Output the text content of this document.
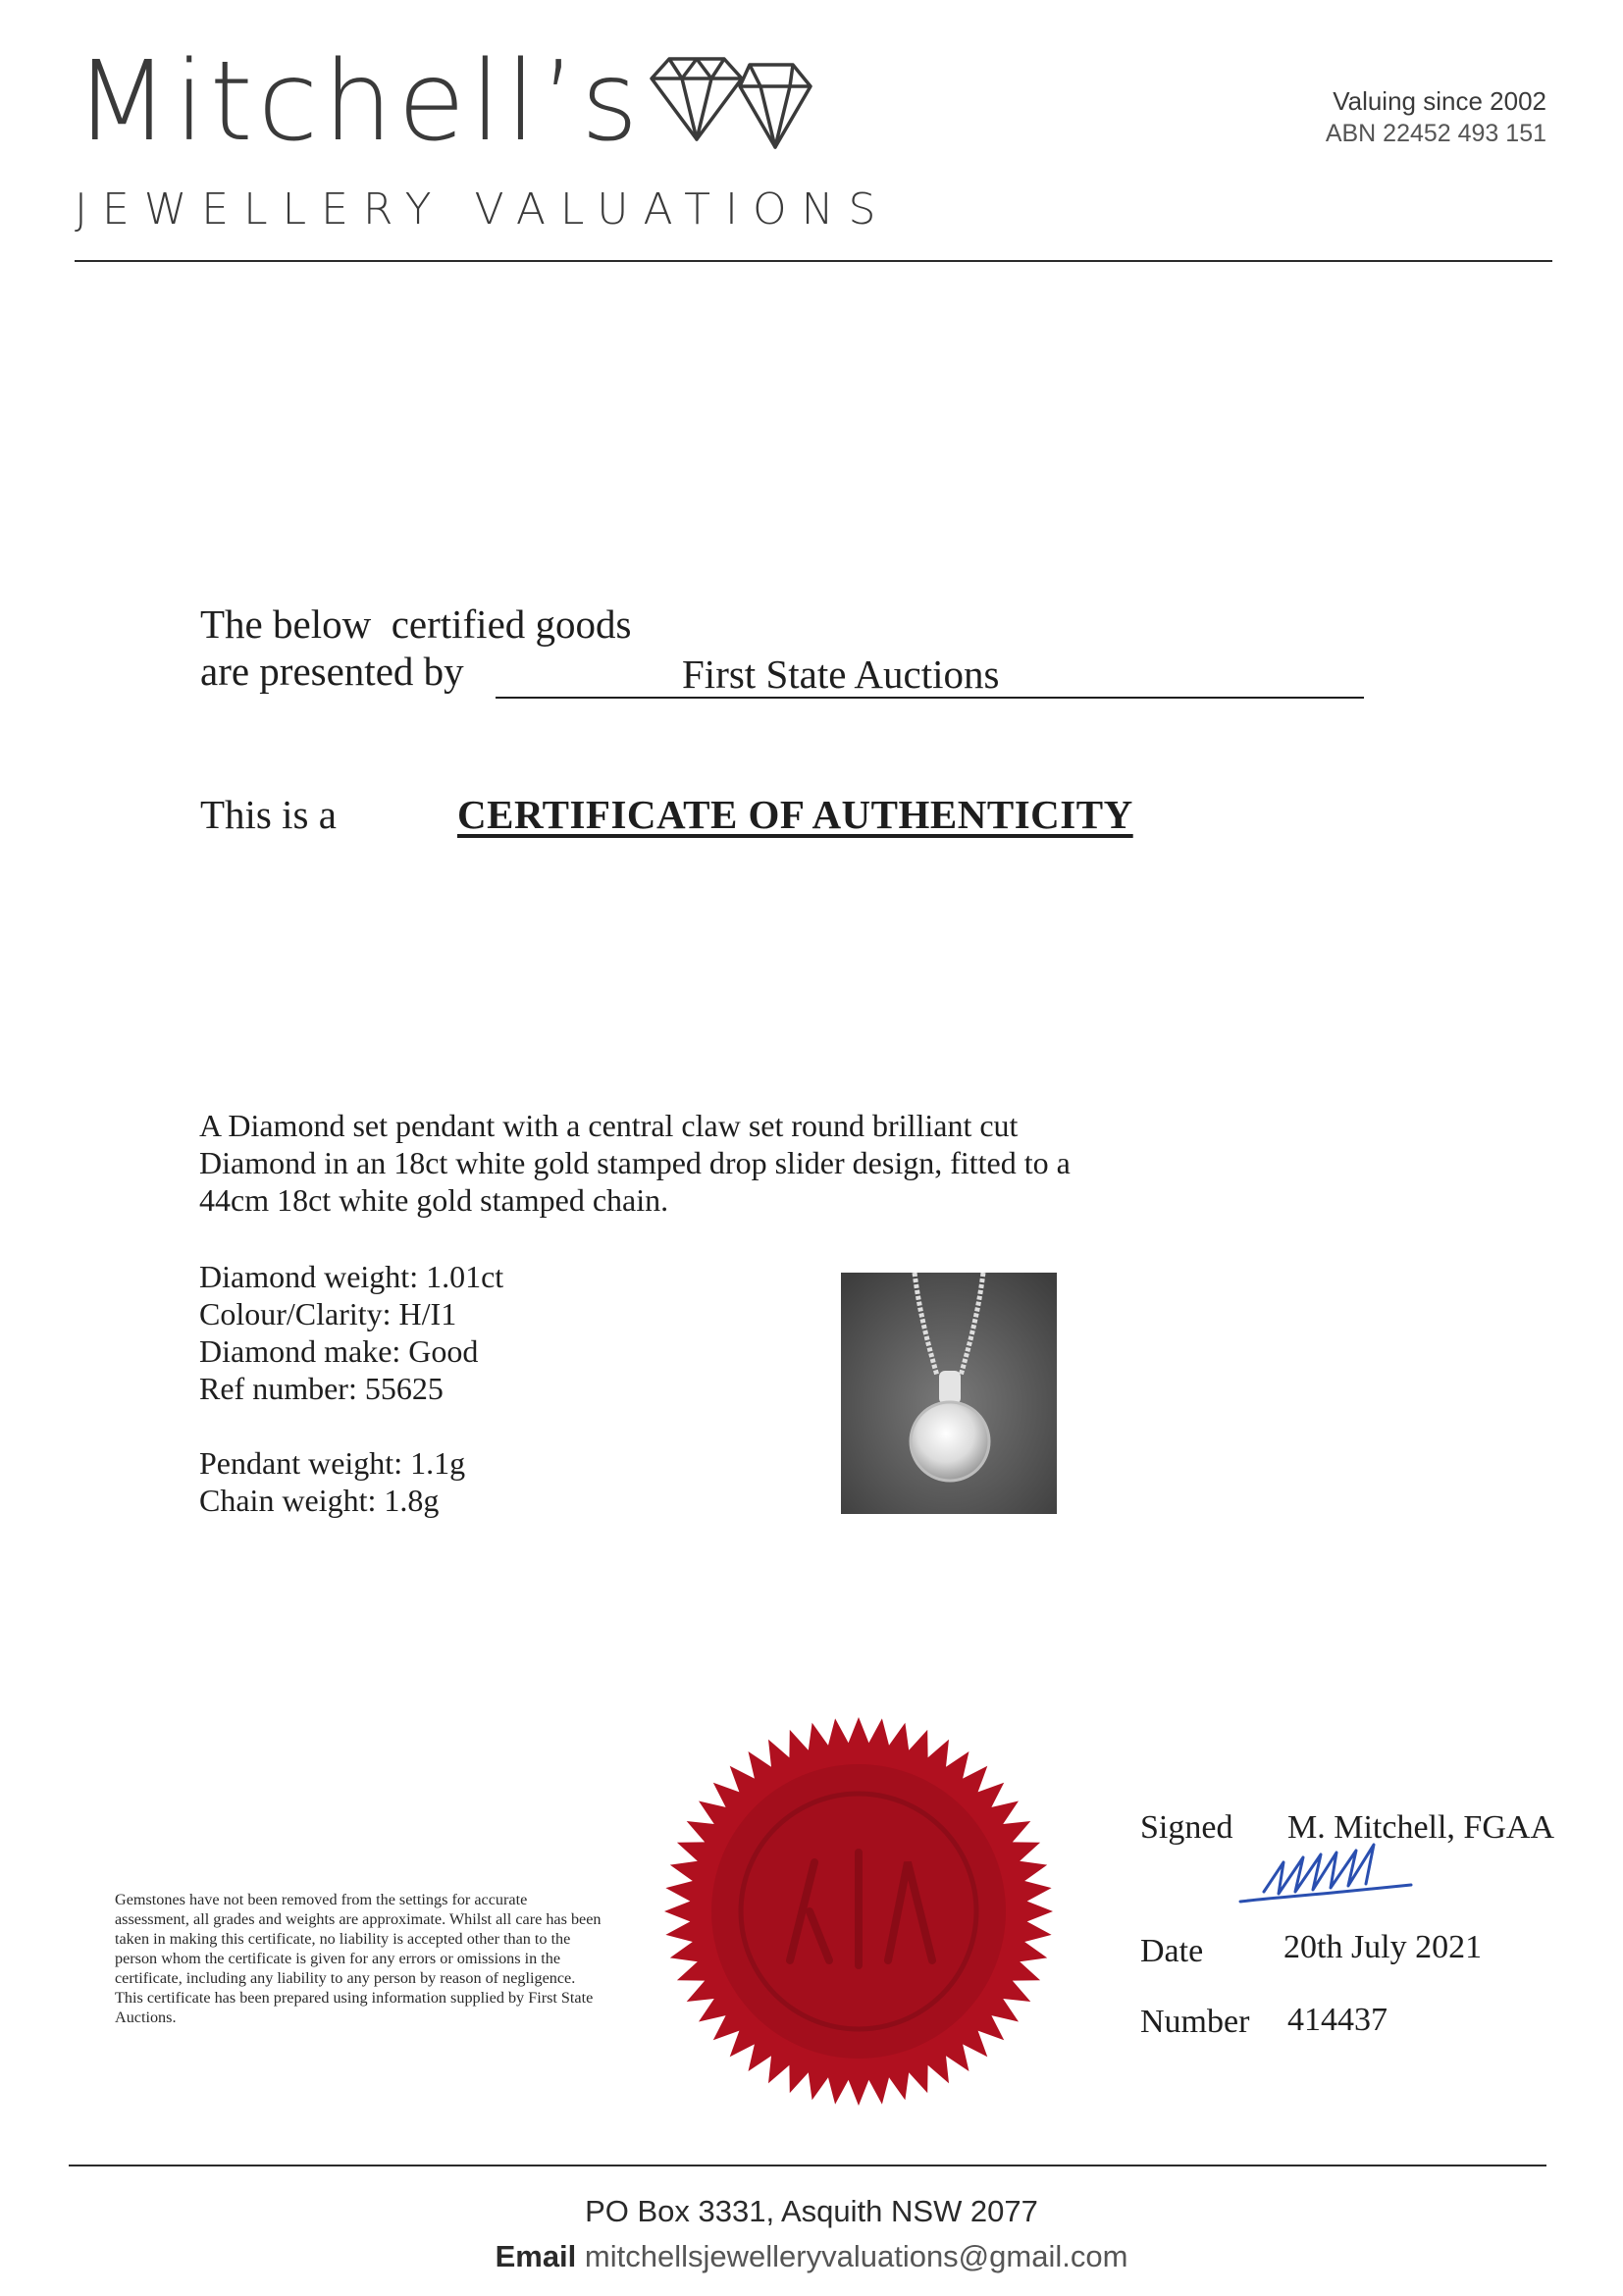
Mitchell’s
JEWELLERY VALUATIONS
Valuing since 2002
ABN 22452 493 151
The below  certified goods
are presented by	First State Auctions
This is a	CERTIFICATE OF AUTHENTICITY
A Diamond set pendant with a central claw set round brilliant cut Diamond in an 18ct white gold stamped drop slider design, fitted to a 44cm 18ct white gold stamped chain.
Diamond weight: 1.01ct
Colour/Clarity: H/I1
Diamond make: Good
Ref number: 55625
Pendant weight: 1.1g
Chain weight: 1.8g
Gemstones have not been removed from the settings for accurate assessment, all grades and weights are approximate. Whilst all care has been taken in making this certificate, no liability is accepted other than to the person whom the certificate is given for any errors or omissions in the certificate, including any liability to any person by reason of negligence. This certificate has been prepared using information supplied by First State Auctions.
Signed M. Mitchell, FGAA
Date 20th July 2021
Number 414437
PO Box 3331, Asquith NSW 2077
Email mitchellsjewelleryvaluations@gmail.com
